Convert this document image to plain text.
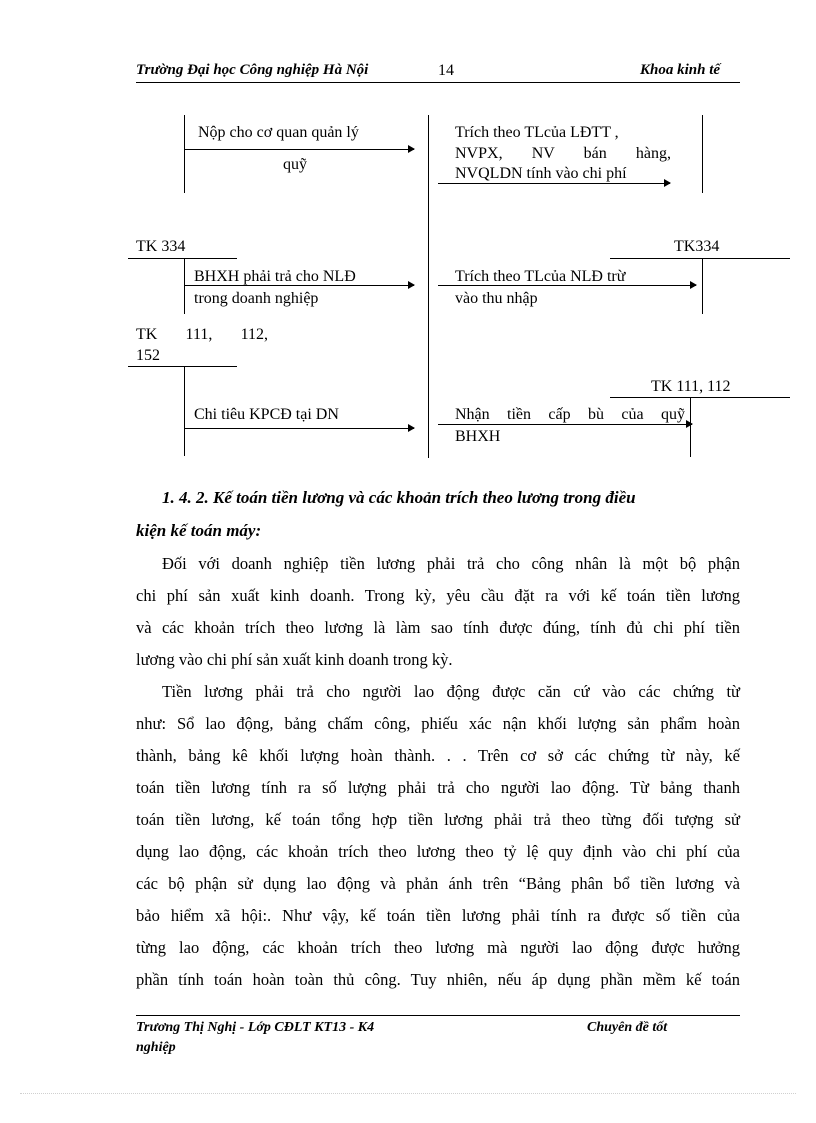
Trường Đại học Công nghiệp Hà Nội	14	Khoa kinh tế
Nộp cho cơ quan quản lý
quỹ
Trích theo TLcủa LĐTT ,
NVPX, NV bán hàng,
NVQLDN tính vào chi phí
TK 334
BHXH phải trả cho NLĐ
trong doanh nghiệp
TK334
Trích theo TLcủa NLĐ trừ
vào thu nhập
TK 111, 112,
152
Chi tiêu KPCĐ tại DN
TK 111, 112
Nhận tiền cấp bù của quỹ
BHXH
1. 4. 2. Kế toán tiền lương và các khoản trích theo lương trong điều
kiện kế toán máy:
Đối với doanh nghiệp tiền lương phải trả cho công nhân là một bộ phận
chi phí sản xuất kinh doanh. Trong kỳ, yêu cầu đặt ra với kế toán tiền lương
và các khoản trích theo lương là làm sao tính được đúng, tính đủ chi phí tiền
lương vào chi phí sản xuất kinh doanh trong kỳ.
Tiền lương phải trả cho người lao động được căn cứ vào các chứng từ
như: Sổ lao động, bảng chấm công, phiếu xác nận khối lượng sản phẩm hoàn
thành, bảng kê khối lượng hoàn thành. . . Trên cơ sở các chứng từ này, kế
toán tiền lương tính ra số lượng phải trả cho người lao động. Từ bảng thanh
toán tiền lương, kế toán tổng hợp tiền lương phải trả theo từng đối tượng sử
dụng lao động, các khoản trích theo lương theo tỷ lệ quy định vào chi phí của
các bộ phận sử dụng lao động và phản ánh trên “Bảng phân bổ tiền lương và
bảo hiểm xã hội:. Như vậy, kế toán tiền lương phải tính ra được số tiền của
từng lao động, các khoản trích theo lương mà người lao động được hưởng
phần tính toán hoàn toàn thủ công. Tuy nhiên, nếu áp dụng phần mềm kế toán
Trương Thị Nghị - Lớp CĐLT KT13 - K4	Chuyên đề tốt
nghiệp
